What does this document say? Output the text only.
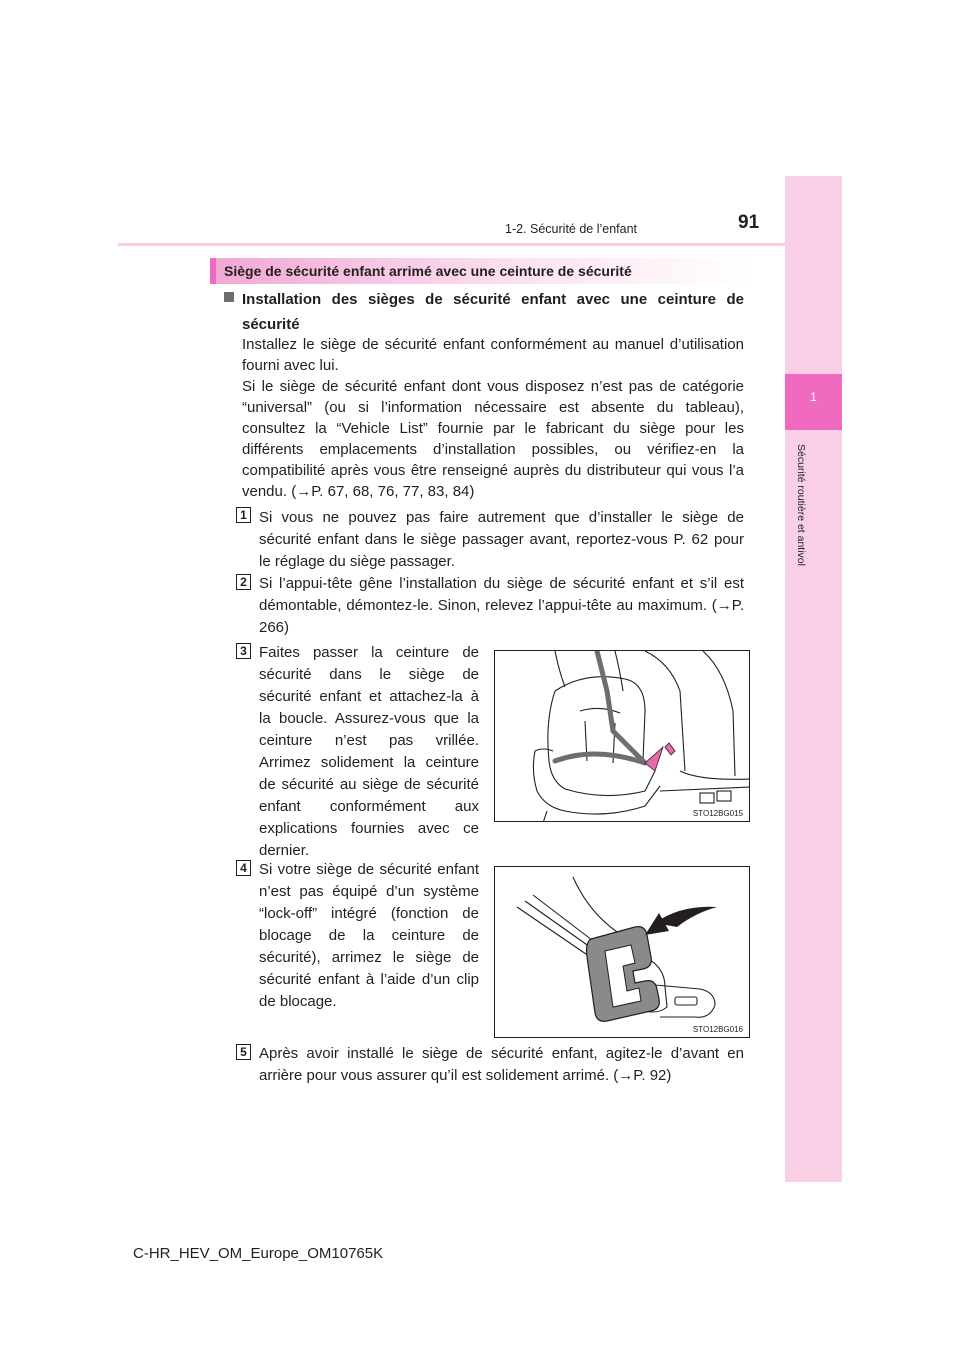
1
Sécurité routière et antivol
1-2. Sécurité de l’enfant	91
Siège de sécurité enfant arrimé avec une ceinture de sécurité
Installation des sièges de sécurité enfant avec une ceinture de sécurité
Installez le siège de sécurité enfant conformément au manuel d’utilisation fourni avec lui.
Si le siège de sécurité enfant dont vous disposez n’est pas de catégorie “universal” (ou si l’information nécessaire est absente du tableau), consultez la “Vehicle List” fournie par le fabricant du siège pour les différents emplacements d’installation possibles, ou vérifiez-en la compatibilité après vous être renseigné auprès du distributeur qui vous l’a vendu. (→P. 67, 68, 76, 77, 83, 84)
1 Si vous ne pouvez pas faire autrement que d’installer le siège de sécurité enfant dans le siège passager avant, reportez-vous P. 62 pour le réglage du siège passager.
2 Si l’appui-tête gêne l’installation du siège de sécurité enfant et s’il est démontable, démontez-le. Sinon, relevez l’appui-tête au maximum. (→P. 266)
3 Faites passer la ceinture de sécurité dans le siège de sécurité enfant et attachez-la à la boucle. Assurez-vous que la ceinture n’est pas vrillée. Arrimez solidement la ceinture de sécurité au siège de sécurité enfant conformément aux explications fournies avec ce dernier.
STO12BG015
4 Si votre siège de sécurité enfant n’est pas équipé d’un système “lock-off” intégré (fonction de blocage de la ceinture de sécurité), arrimez le siège de sécurité enfant à l’aide d’un clip de blocage.
STO12BG016
5 Après avoir installé le siège de sécurité enfant, agitez-le d’avant en arrière pour vous assurer qu’il est solidement arrimé. (→P. 92)
C-HR_HEV_OM_Europe_OM10765K
